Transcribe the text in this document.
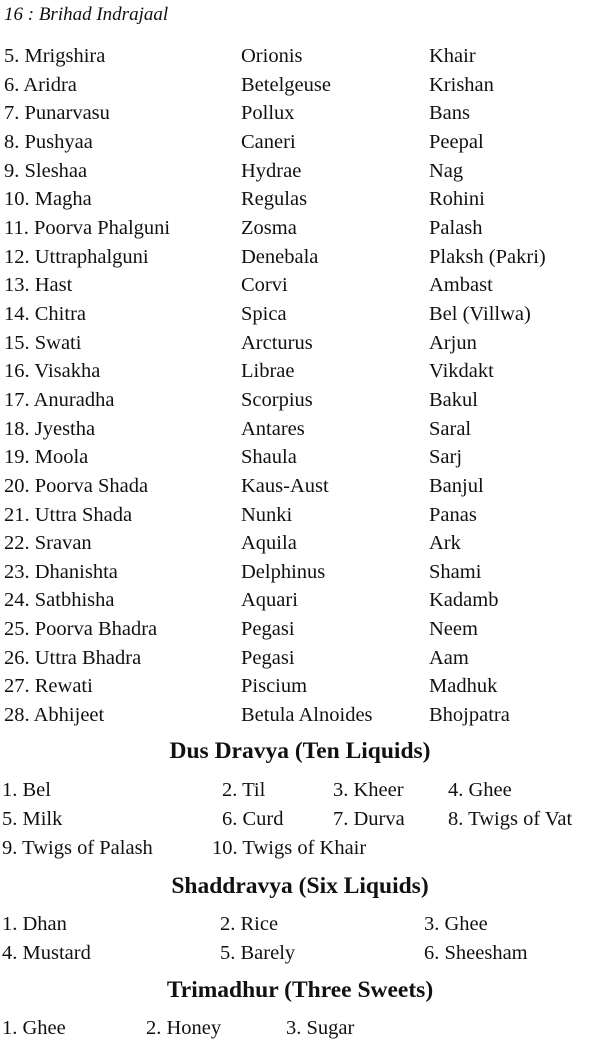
16 : Brihad Indrajaal
5. Mrigshira	Orionis	Khair
6. Aridra	Betelgeuse	Krishan
7. Punarvasu	Pollux	Bans
8. Pushyaa	Caneri	Peepal
9. Sleshaa	Hydrae	Nag
10. Magha	Regulas	Rohini
11. Poorva Phalguni	Zosma	Palash
12. Uttraphalguni	Denebala	Plaksh (Pakri)
13. Hast	Corvi	Ambast
14. Chitra	Spica	Bel (Villwa)
15. Swati	Arcturus	Arjun
16. Visakha	Librae	Vikdakt
17. Anuradha	Scorpius	Bakul
18. Jyestha	Antares	Saral
19. Moola	Shaula	Sarj
20. Poorva Shada	Kaus-Aust	Banjul
21. Uttra Shada	Nunki	Panas
22. Sravan	Aquila	Ark
23. Dhanishta	Delphinus	Shami
24. Satbhisha	Aquari	Kadamb
25. Poorva Bhadra	Pegasi	Neem
26. Uttra Bhadra	Pegasi	Aam
27. Rewati	Piscium	Madhuk
28. Abhijeet	Betula Alnoides	Bhojpatra
Dus Dravya (Ten Liquids)
1. Bel	2. Til	3. Kheer 4. Ghee
5. Milk	6. Curd 7. Durva 8. Twigs of Vat
9. Twigs of Palash	10. Twigs of Khair
Shaddravya (Six Liquids)
1. Dhan	2. Rice	3. Ghee
4. Mustard	5. Barely	6. Sheesham
Trimadhur (Three Sweets)
1. Ghee	2. Honey	3. Sugar
